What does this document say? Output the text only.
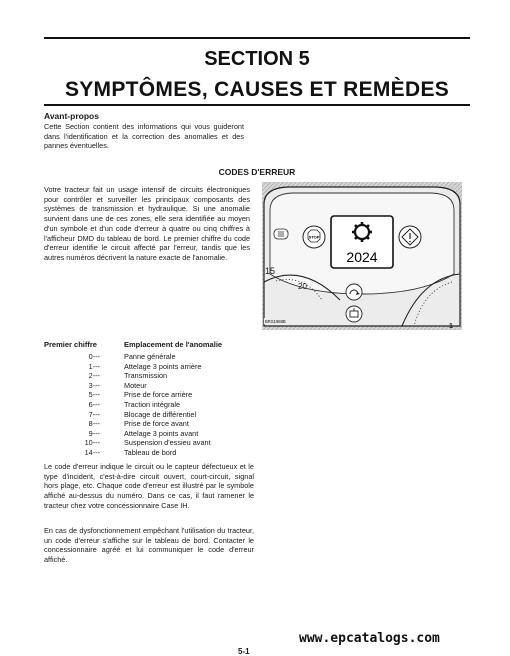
SECTION 5
SYMPTÔMES, CAUSES ET REMÈDES
Avant-propos

Cette Section contient des informations qui vous guideront dans l'identification et la correction des anomalies et des pannes éventuelles.

CODES D'ERREUR

Votre tracteur fait un usage intensif de circuits électroniques pour contrôler et surveiller les principaux composants des systèmes de transmission et hydraulique. Si une anomalie survient dans une de ces zones, elle sera identifiée au moyen d'un symbole et d'un code d'erreur à quatre ou cinq chiffres à l'afficheur DMD du tableau de bord. Le premier chiffre du code d'erreur identifie le circuit affecté par l'erreur, tandis que les autres numéros décrivent la nature exacte de l'anomalie.

STOP
2024
15
20
BRS1988B
1
Premier chiffre	Emplacement de l'anomalie
0---	Panne générale
1---	Attelage 3 points arrière
2---	Transmission
3---	Moteur
5---	Prise de force arrière
6---	Traction intégrale
7---	Blocage de différentiel
8---	Prise de force avant
9---	Attelage 3 points avant
10---	Suspension d'essieu avant
14---	Tableau de bord

Le code d'erreur indique le circuit ou le capteur défectueux et le type d'incident, c'est-à-dire circuit ouvert, court-circuit, signal hors plage, etc. Chaque code d'erreur est illustré par le symbole affiché au-dessus du numéro. Dans ce cas, il faut ramener le tracteur chez votre concessionnaire Case IH.

En cas de dysfonctionnement empêchant l'utilisation du tracteur, un code d'erreur s'affiche sur le tableau de bord. Contacter le concessionnaire agréé et lui communiquer le code d'erreur affiché.

www.epcatalogs.com
5-1
